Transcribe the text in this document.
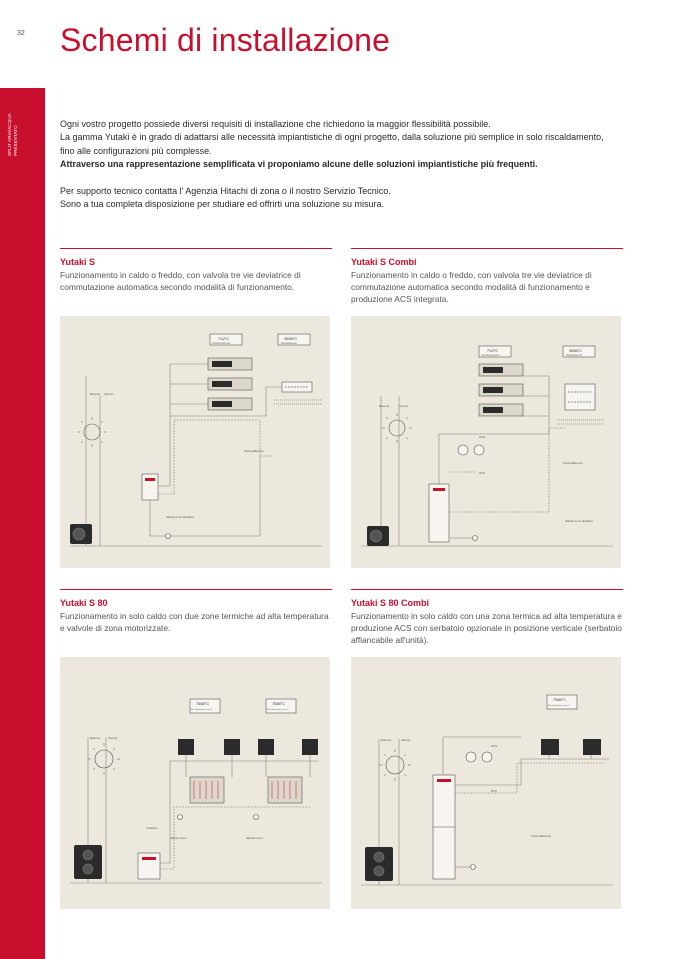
SPLIT ARIA/ACQUA PRESENTATO
32 Schemi di installazione

Ogni vostro progetto possiede diversi requisiti di installazione che richiedono la maggior flessibilità possibile.

La gamma Yutaki è in grado di adattarsi alle necessità impiantistiche di ogni progetto, dalla soluzione più semplice in solo riscaldamento, fino alle configurazioni più complesse.

Attraverso una rappresentazione semplificata vi proponiamo alcune delle soluzioni impiantistiche più frequenti.

Per supporto tecnico contatta l' Agenzia Hitachi di zona o il nostro Servizio Tecnico.

Sono a tua completa disposizione per studiare ed offrirti una soluzione su misura.

Yutaki S

Funzionamento in caldo o freddo, con valvola tre vie deviatrice di commutazione automatica secondo modalità di funzionamento.

Esterno Interno
7/12°C
Condizionamento
35/55°C
Riscaldamento
Tanica differenza
Valvola tre vie deviatrice
Yutaki S Combi

Funzionamento in caldo o freddo, con valvola tre vie deviatrice di commutazione automatica secondo modalità di funzionamento e produzione ACS integrata.

Esterno	Interno
7/12°C
Condizionamento
35/55°C
Riscaldamento
ACS
AFS
Tanica differenza
Valvola tre vie deviatrice
Yutaki S 80

Funzionamento in solo caldo con due zone termiche ad alta temperatura e valvole di zona motorizzate.

Esterno	Interno
75/80°C
Riscaldamento zona 1
75/80°C
Riscaldamento zona 2
Collettore
Valvola zona 1	Valvola zona 2
Yutaki S 80 Combi

Funzionamento in solo caldo con una zona termica ad alta temperatura e produzione ACS con serbatoio opzionale in posizione verticale (serbatoio affiancabile all'unità).

Esterno	Interno
75/80°C
Riscaldamento zona 1
ACS
AFS
Tanica differenza
